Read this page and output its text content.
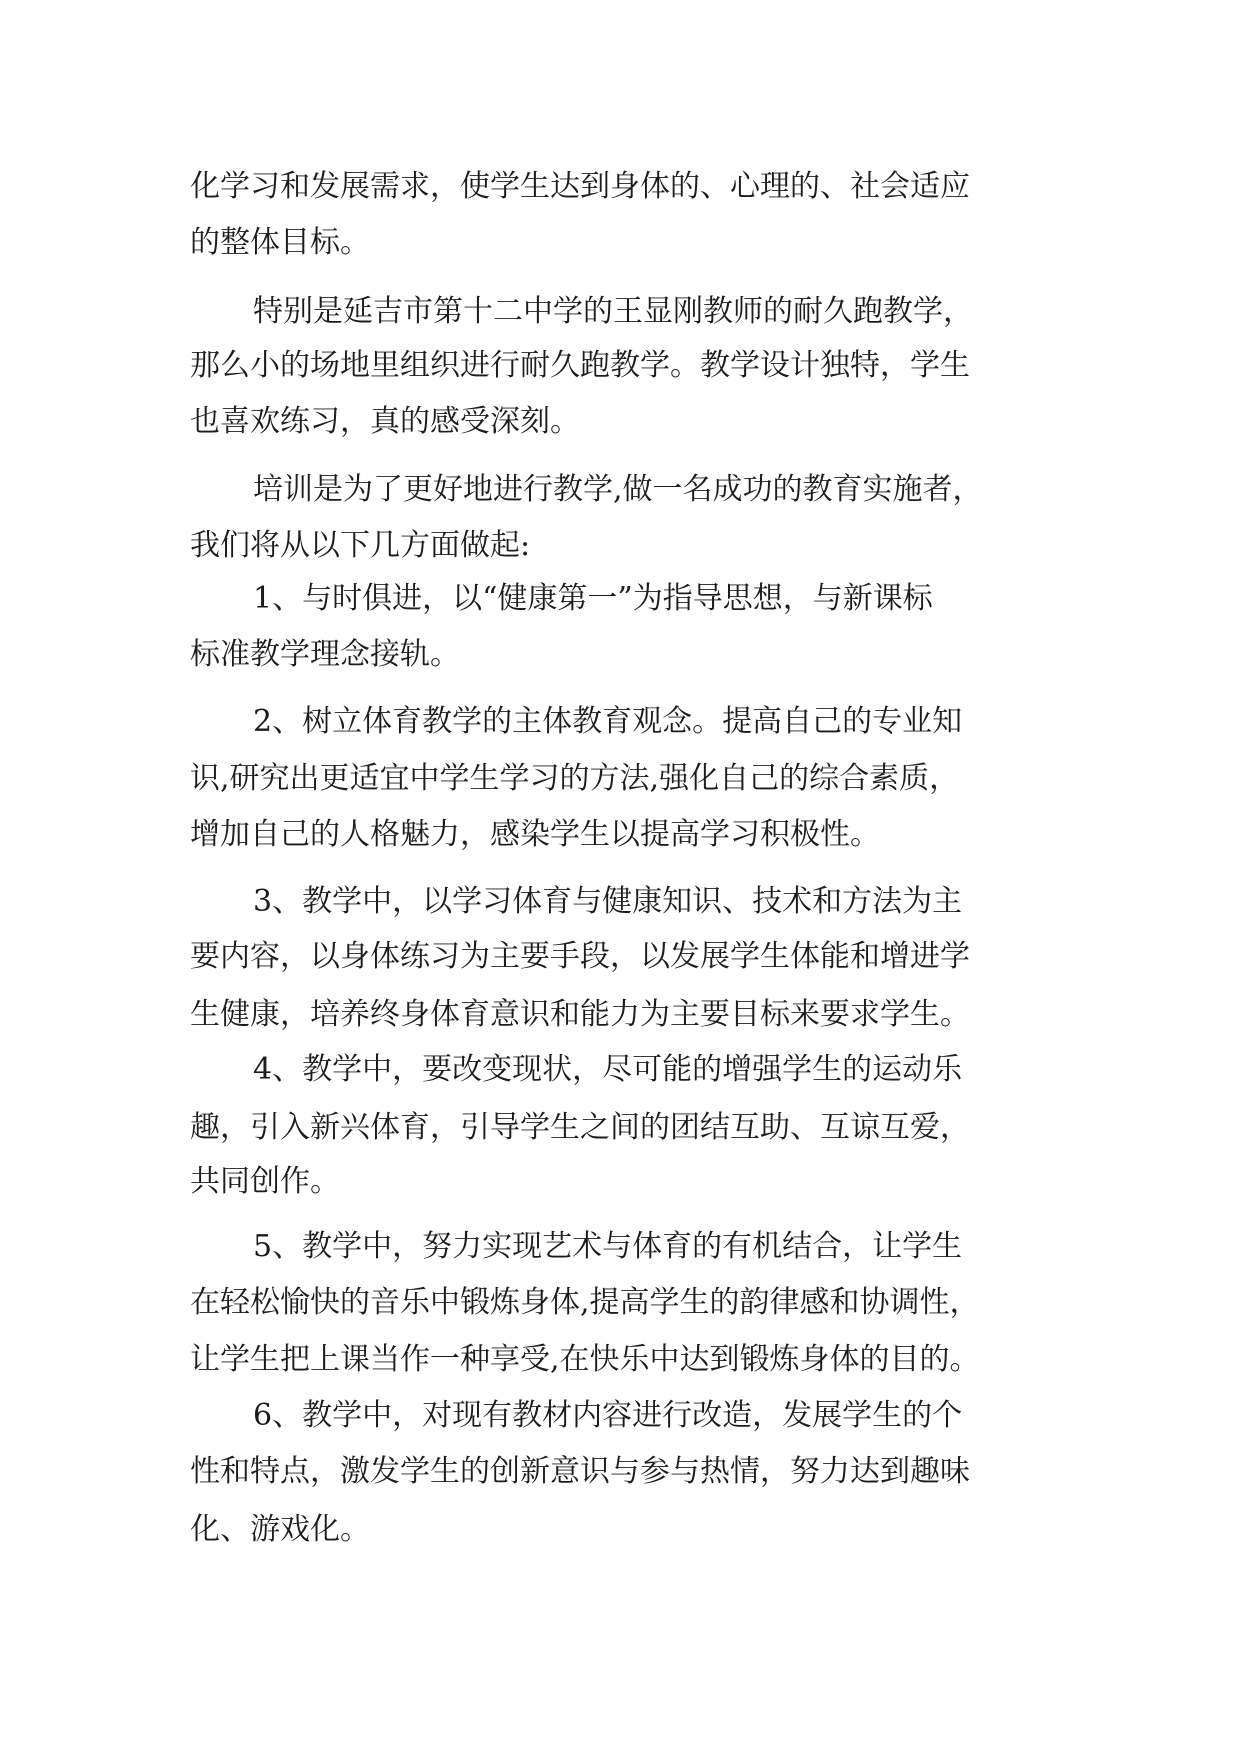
化学习和发展需求，使学生达到身体的、心理的、社会适应
的整体目标。
特别是延吉市第十二中学的王显刚教师的耐久跑教学，
那么小的场地里组织进行耐久跑教学。教学设计独特，学生
也喜欢练习，真的感受深刻。
培训是为了更好地进行教学,做一名成功的教育实施者，
我们将从以下几方面做起:
1、与时俱进，以“健康第一”为指导思想，与新课标
标准教学理念接轨。
2、树立体育教学的主体教育观念。提高自己的专业知
识,研究出更适宜中学生学习的方法,强化自己的综合素质，
增加自己的人格魅力，感染学生以提高学习积极性。
3、教学中，以学习体育与健康知识、技术和方法为主
要内容，以身体练习为主要手段，以发展学生体能和增进学
生健康，培养终身体育意识和能力为主要目标来要求学生。
4、教学中，要改变现状，尽可能的增强学生的运动乐
趣，引入新兴体育，引导学生之间的团结互助、互谅互爱，
共同创作。
5、教学中，努力实现艺术与体育的有机结合，让学生
在轻松愉快的音乐中锻炼身体,提高学生的韵律感和协调性，
让学生把上课当作一种享受,在快乐中达到锻炼身体的目的。
6、教学中，对现有教材内容进行改造，发展学生的个
性和特点，激发学生的创新意识与参与热情，努力达到趣味
化、游戏化。
